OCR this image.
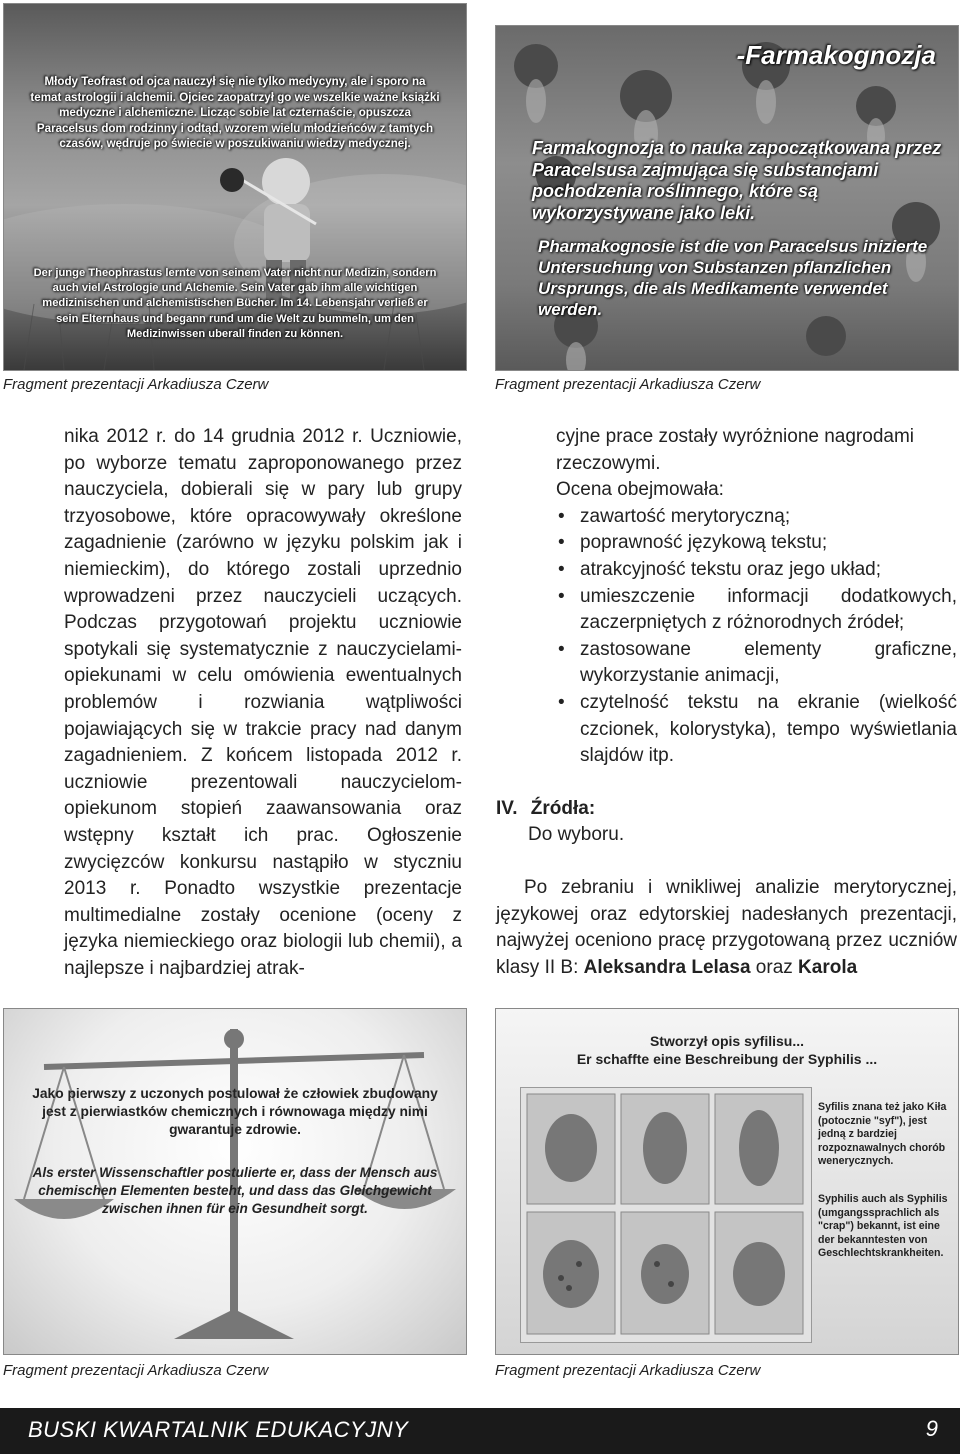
Młody Teofrast od ojca nauczył się nie tylko medycyny, ale i sporo na temat astrologii i alchemii. Ojciec zaopatrzył go we wszelkie ważne książki medyczne i alchemiczne. Licząc sobie lat czternaście, opuszcza Paracelsus dom rodzinny i odtąd, wzorem wielu młodzieńców z tamtych czasów, wędruje po świecie w poszukiwaniu wiedzy medycznej.
Der junge Theophrastus lernte von seinem Vater nicht nur Medizin, sondern auch viel Astrologie und Alchemie. Sein Vater gab ihm alle wichtigen medizinischen und alchemistischen Bücher. Im 14. Lebensjahr verließ er sein Elternhaus und begann rund um die Welt zu bummeln, um den Medizinwissen uberall finden zu können.
Fragment prezentacji Arkadiusza Czerw
-Farmakognozja
Farmakognozja to nauka zapoczątkowana przez Paracelsusa zajmująca się substancjami pochodzenia roślinnego, które są wykorzystywane jako leki.
Pharmakognosie ist die von Paracelsus inizierte Untersuchung von Substanzen pflanzlichen Ursprungs, die als Medikamente verwendet werden.
Fragment prezentacji Arkadiusza Czerw

nika 2012 r. do 14 grudnia 2012 r. Uczniowie, po wyborze tematu zaproponowanego przez nauczyciela, dobierali się w pary lub grupy trzyosobowe, które opracowywały określone zagadnienie (zarówno w języku polskim jak i niemieckim), do którego zostali uprzednio wprowadzeni przez nauczycieli uczących. Podczas przygotowań projektu uczniowie spotykali się systematycznie z nauczycielami-opiekunami w celu omówienia ewentualnych problemów i rozwiania wątpliwości pojawiających się w trakcie pracy nad danym zagadnieniem. Z końcem listopada 2012 r. uczniowie prezentowali nauczycielom-opiekunom stopień zaawansowania oraz wstępny kształt ich prac. Ogłoszenie zwycięzców konkursu nastąpiło w styczniu 2013 r. Ponadto wszystkie prezentacje multimedialne zostały ocenione (oceny z języka niemieckiego oraz biologii lub chemii), a najlepsze i najbardziej atrak-

cyjne prace zostały wyróżnione nagrodami rzeczowymi.

Ocena obejmowała:

• zawartość merytoryczną;
• poprawność językową tekstu;
• atrakcyjność tekstu oraz jego układ;
• umieszczenie informacji dodatkowych, zaczerpniętych z różnorodnych źródeł;
• zastosowane elementy graficzne, wykorzystanie animacji,
• czytelność tekstu na ekranie (wielkość czcionek, kolorystyka), tempo wyświetlania slajdów itp.
IV. Źródła:

Do wyboru.

Po zebraniu i wnikliwej analizie merytorycznej, językowej oraz edytorskiej nadesłanych prezentacji, najwyżej oceniono pracę przygotowaną przez uczniów klasy II B: Aleksandra Lelasa oraz Karola

Jako pierwszy z uczonych postulował że człowiek zbudowany jest z pierwiastków chemicznych i równowaga między nimi gwarantuje zdrowie.
Als erster Wissenschaftler postulierte er, dass der Mensch aus chemischen Elementen besteht, und dass das Gleichgewicht zwischen ihnen für ein Gesundheit sorgt.
Fragment prezentacji Arkadiusza Czerw
Stworzył opis syfilisu...
Er schaffte eine Beschreibung der Syphilis ...
Syfilis znana też jako Kiła (potocznie "syf"), jest jedną z bardziej rozpoznawalnych chorób wenerycznych.
Syphilis auch als Syphilis (umgangssprachlich als "crap") bekannt, ist eine der bekanntesten von Geschlechtskrankheiten.
Fragment prezentacji Arkadiusza Czerw
BUSKI KWARTALNIK EDUKACYJNY	9
